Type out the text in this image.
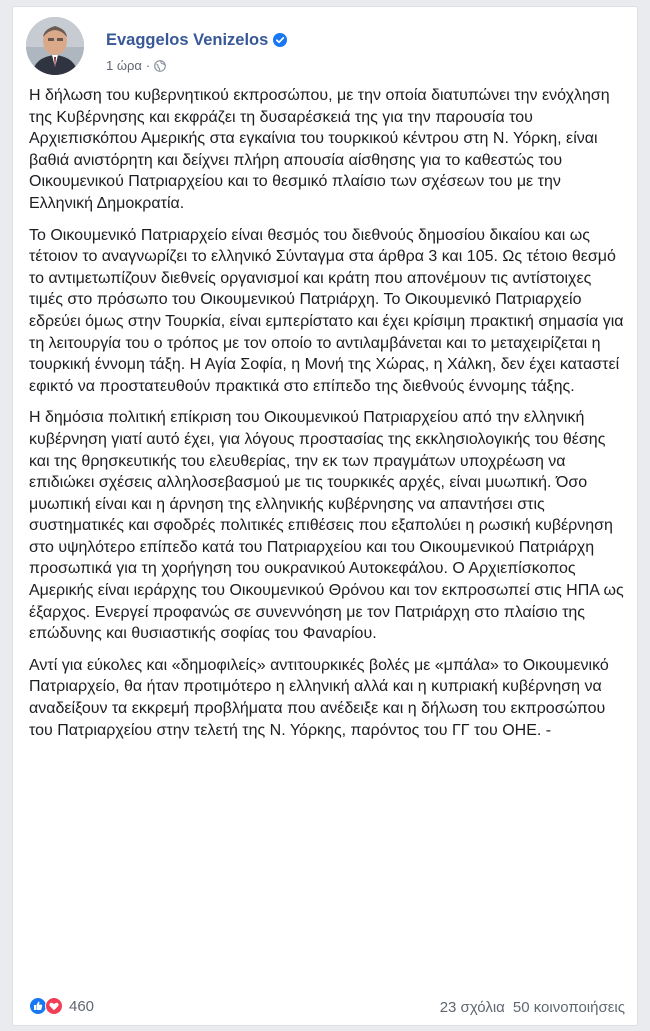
Evaggelos Venizelos
1 ώρα ·

Η δήλωση του κυβερνητικού εκπροσώπου, με την οποία διατυπώνει την ενόχληση της Κυβέρνησης και εκφράζει τη δυσαρέσκειά της για την παρουσία του Αρχιεπισκόπου Αμερικής στα εγκαίνια του τουρκικού κέντρου στη Ν. Υόρκη, είναι βαθιά ανιστόρητη και δείχνει πλήρη απουσία αίσθησης για το καθεστώς του Οικουμενικού Πατριαρχείου και το θεσμικό πλαίσιο των σχέσεων του με την Ελληνική Δημοκρατία.

Το Οικουμενικό Πατριαρχείο είναι θεσμός του διεθνούς δημοσίου δικαίου και ως τέτοιον το αναγνωρίζει το ελληνικό Σύνταγμα στα άρθρα 3 και 105. Ως τέτοιο θεσμό το αντιμετωπίζουν διεθνείς οργανισμοί και κράτη που απονέμουν τις αντίστοιχες τιμές στο πρόσωπο του Οικουμενικού Πατριάρχη. Το Οικουμενικό Πατριαρχείο εδρεύει όμως στην Τουρκία, είναι εμπερίστατο και έχει κρίσιμη πρακτική σημασία για τη λειτουργία του ο τρόπος με τον οποίο το αντιλαμβάνεται και το μεταχειρίζεται η τουρκική έννομη τάξη. Η Αγία Σοφία, η Μονή της Χώρας, η Χάλκη, δεν έχει καταστεί εφικτό να προστατευθούν πρακτικά στο επίπεδο της διεθνούς έννομης τάξης.

Η δημόσια πολιτική επίκριση του Οικουμενικού Πατριαρχείου από την ελληνική κυβέρνηση γιατί αυτό έχει, για λόγους προστασίας της εκκλησιολογικής του θέσης και της θρησκευτικής του ελευθερίας, την εκ των πραγμάτων υποχρέωση να επιδιώκει σχέσεις αλληλοσεβασμού με τις τουρκικές αρχές, είναι μυωπική. Όσο μυωπική είναι και η άρνηση της ελληνικής κυβέρνησης να απαντήσει στις συστηματικές και σφοδρές πολιτικές επιθέσεις που εξαπολύει η ρωσική κυβέρνηση στο υψηλότερο επίπεδο κατά του Πατριαρχείου και του Οικουμενικού Πατριάρχη προσωπικά για τη χορήγηση του ουκρανικού Αυτοκεφάλου. Ο Αρχιεπίσκοπος Αμερικής είναι ιεράρχης του Οικουμενικού Θρόνου και τον εκπροσωπεί στις ΗΠΑ ως έξαρχος. Ενεργεί προφανώς σε συνεννόηση με τον Πατριάρχη στο πλαίσιο της επώδυνης και θυσιαστικής σοφίας του Φαναρίου.

Αντί για εύκολες και «δημοφιλείς» αντιτουρκικές βολές με «μπάλα» το Οικουμενικό Πατριαρχείο, θα ήταν προτιμότερο η ελληνική αλλά και η κυπριακή κυβέρνηση να αναδείξουν τα εκκρεμή προβλήματα που ανέδειξε και η δήλωση του εκπροσώπου του Πατριαρχείου στην τελετή της Ν. Υόρκης, παρόντος του ΓΓ του ΟΗΕ. -

460	23 σχόλια 50 κοινοποιήσεις
